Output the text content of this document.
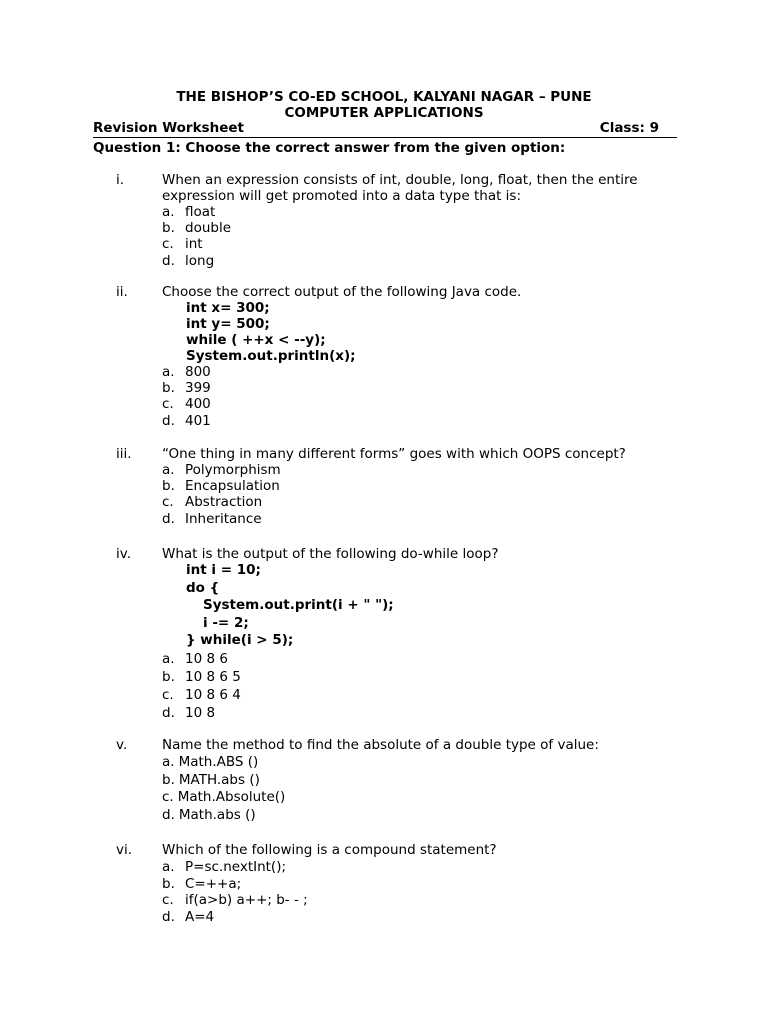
THE BISHOP’S CO-ED SCHOOL, KALYANI NAGAR – PUNE
COMPUTER APPLICATIONS
Revision Worksheet	Class: 9
Question 1: Choose the correct answer from the given option:
i.	When an expression consists of int, double, long, float, then the entire expression will get promoted into a data type that is:
a. float
b. double
c. int
d. long
ii.	Choose the correct output of the following Java code.
int x= 300;
int y= 500;
while ( ++x < --y);
System.out.println(x);
a. 800
b. 399
c. 400
d. 401
iii. “One thing in many different forms” goes with which OOPS concept?
a. Polymorphism
b. Encapsulation
c. Abstraction
d. Inheritance
iv. What is the output of the following do-while loop?
int i = 10;
do {
System.out.print(i + " ");
i -= 2;
} while(i > 5);
a. 10 8 6
b. 10 8 6 5
c. 10 8 6 4
d. 10 8
v.	Name the method to find the absolute of a double type of value:
a. Math.ABS ()
b. MATH.abs ()
c. Math.Absolute()
d. Math.abs ()
vi. Which of the following is a compound statement?
a. P=sc.nextInt();
b. C=++a;
c. if(a>b) a++; b- - ;
d. A=4
